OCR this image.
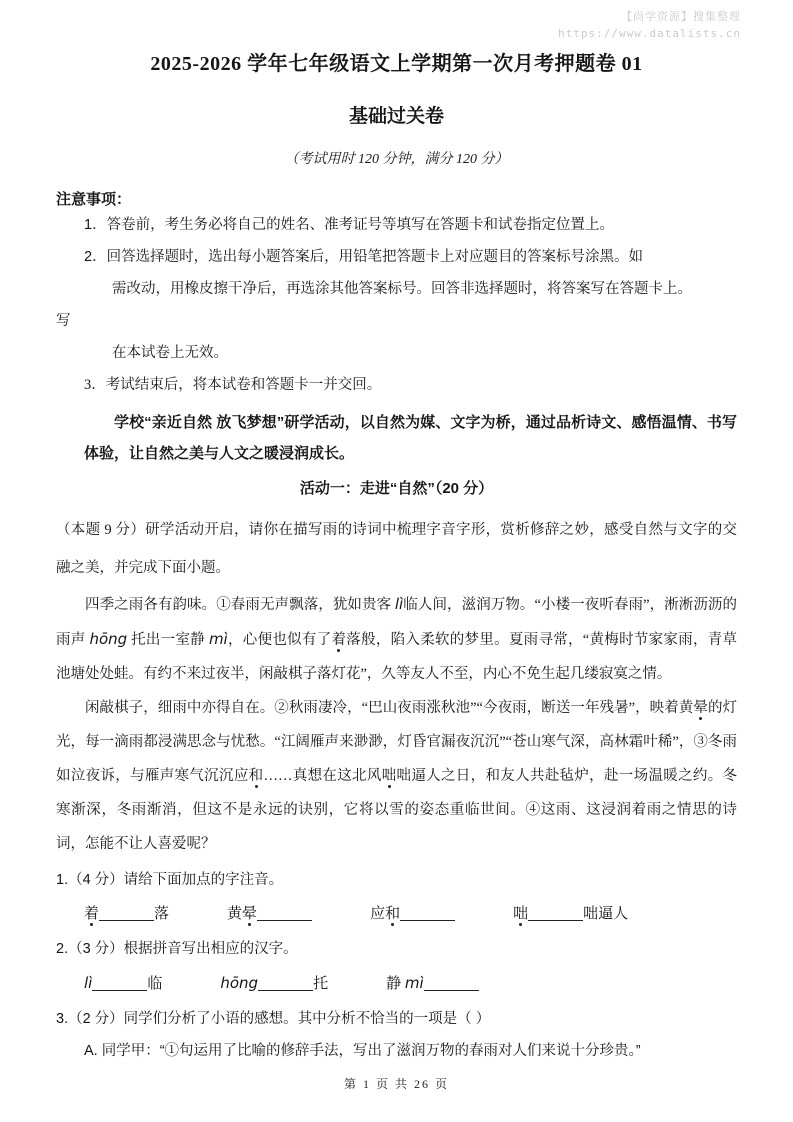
【尚学资源】搜集整理
https://www.datalists.cn
2025-2026 学年七年级语文上学期第一次月考押题卷 01
基础过关卷
（考试用时 120 分钟，满分 120 分）
注意事项：
1．答卷前，考生务必将自己的姓名、准考证号等填写在答题卡和试卷指定位置上。
2．回答选择题时，选出每小题答案后，用铅笔把答题卡上对应题目的答案标号涂黑。如
需改动，用橡皮擦干净后，再选涂其他答案标号。回答非选择题时，将答案写在答题卡上。
写
在本试卷上无效。
3．考试结束后，将本试卷和答题卡一并交回。

学校“亲近自然 放飞梦想”研学活动，以自然为媒、文字为桥，通过品析诗文、感悟温情、书写体验，让自然之美与人文之暖浸润成长。

活动一：走进“自然”（20 分）

（本题 9 分）研学活动开启，请你在描写雨的诗词中梳理字音字形，赏析修辞之妙，感受自然与文字的交融之美，并完成下面小题。

四季之雨各有韵味。①春雨无声飘落，犹如贵客 lì临人间，滋润万物。“小楼一夜听春雨”，淅淅沥沥的雨声 hōng 托出一室静 mì，心便也似有了着落般，陷入柔软的梦里。夏雨寻常，“黄梅时节家家雨，青草池塘处处蛙。有约不来过夜半，闲敲棋子落灯花”，久等友人不至，内心不免生起几缕寂寞之情。

闲敲棋子，细雨中亦得自在。②秋雨凄冷，“巴山夜雨涨秋池”“今夜雨，断送一年残暑”，映着黄晕的灯光，每一滴雨都浸满思念与忧愁。“江阔雁声来渺渺，灯昏官漏夜沉沉”“苍山寒气深，高林霜叶稀”，③冬雨如泣夜诉，与雁声寒气沉沉应和……真想在这北风咄咄逼人之日，和友人共赴毡炉，赴一场温暖之约。冬寒渐深，冬雨渐消，但这不是永远的诀别，它将以雪的姿态重临世间。④这雨、这浸润着雨之情思的诗词，怎能不让人喜爱呢？

1.（4 分）请给下面加点的字注音。

着	落	黄晕	应和	咄	咄逼人

2.（3 分）根据拼音写出相应的汉字。

lì	临	hōng	托	静 mì

3.（2 分）同学们分析了小语的感想。其中分析不恰当的一项是（ ）

A. 同学甲：“①句运用了比喻的修辞手法，写出了滋润万物的春雨对人们来说十分珍贵。”
第 1 页 共 26 页
